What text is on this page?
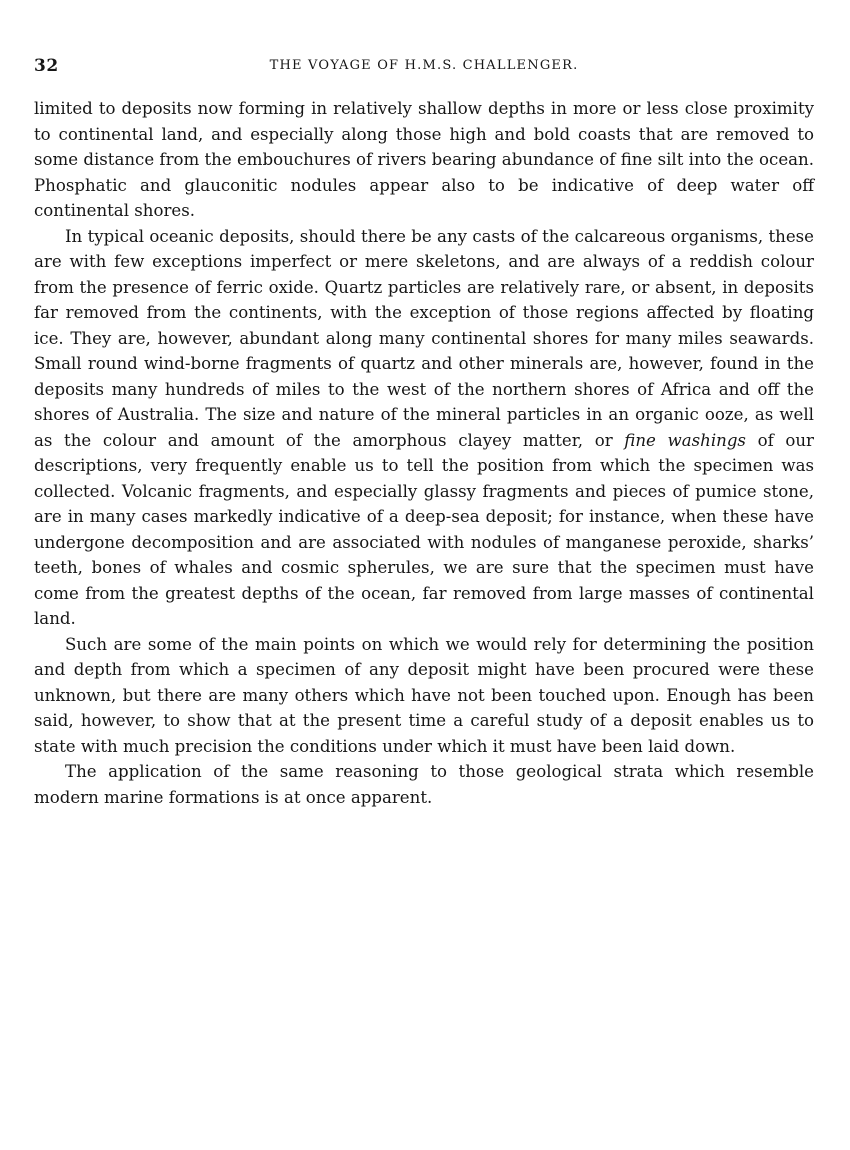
32	THE VOYAGE OF H.M.S. CHALLENGER.

limited to deposits now forming in relatively shallow depths in more or less close proximity to continental land, and especially along those high and bold coasts that are removed to some distance from the embouchures of rivers bearing abundance of fine silt into the ocean. Phosphatic and glauconitic nodules appear also to be indicative of deep water off continental shores.

In typical oceanic deposits, should there be any casts of the calcareous organisms, these are with few exceptions imperfect or mere skeletons, and are always of a reddish colour from the presence of ferric oxide. Quartz particles are relatively rare, or absent, in deposits far removed from the continents, with the exception of those regions affected by floating ice. They are, however, abundant along many continental shores for many miles seawards. Small round wind-borne fragments of quartz and other minerals are, however, found in the deposits many hundreds of miles to the west of the northern shores of Africa and off the shores of Australia. The size and nature of the mineral particles in an organic ooze, as well as the colour and amount of the amorphous clayey matter, or fine washings of our descriptions, very frequently enable us to tell the position from which the specimen was collected. Volcanic fragments, and especially glassy fragments and pieces of pumice stone, are in many cases markedly indicative of a deep-sea deposit; for instance, when these have undergone decomposition and are associated with nodules of manganese peroxide, sharks’ teeth, bones of whales and cosmic spherules, we are sure that the specimen must have come from the greatest depths of the ocean, far removed from large masses of continental land.

Such are some of the main points on which we would rely for determining the position and depth from which a specimen of any deposit might have been procured were these unknown, but there are many others which have not been touched upon. Enough has been said, however, to show that at the present time a careful study of a deposit enables us to state with much precision the conditions under which it must have been laid down.

The application of the same reasoning to those geological strata which resemble modern marine formations is at once apparent.
